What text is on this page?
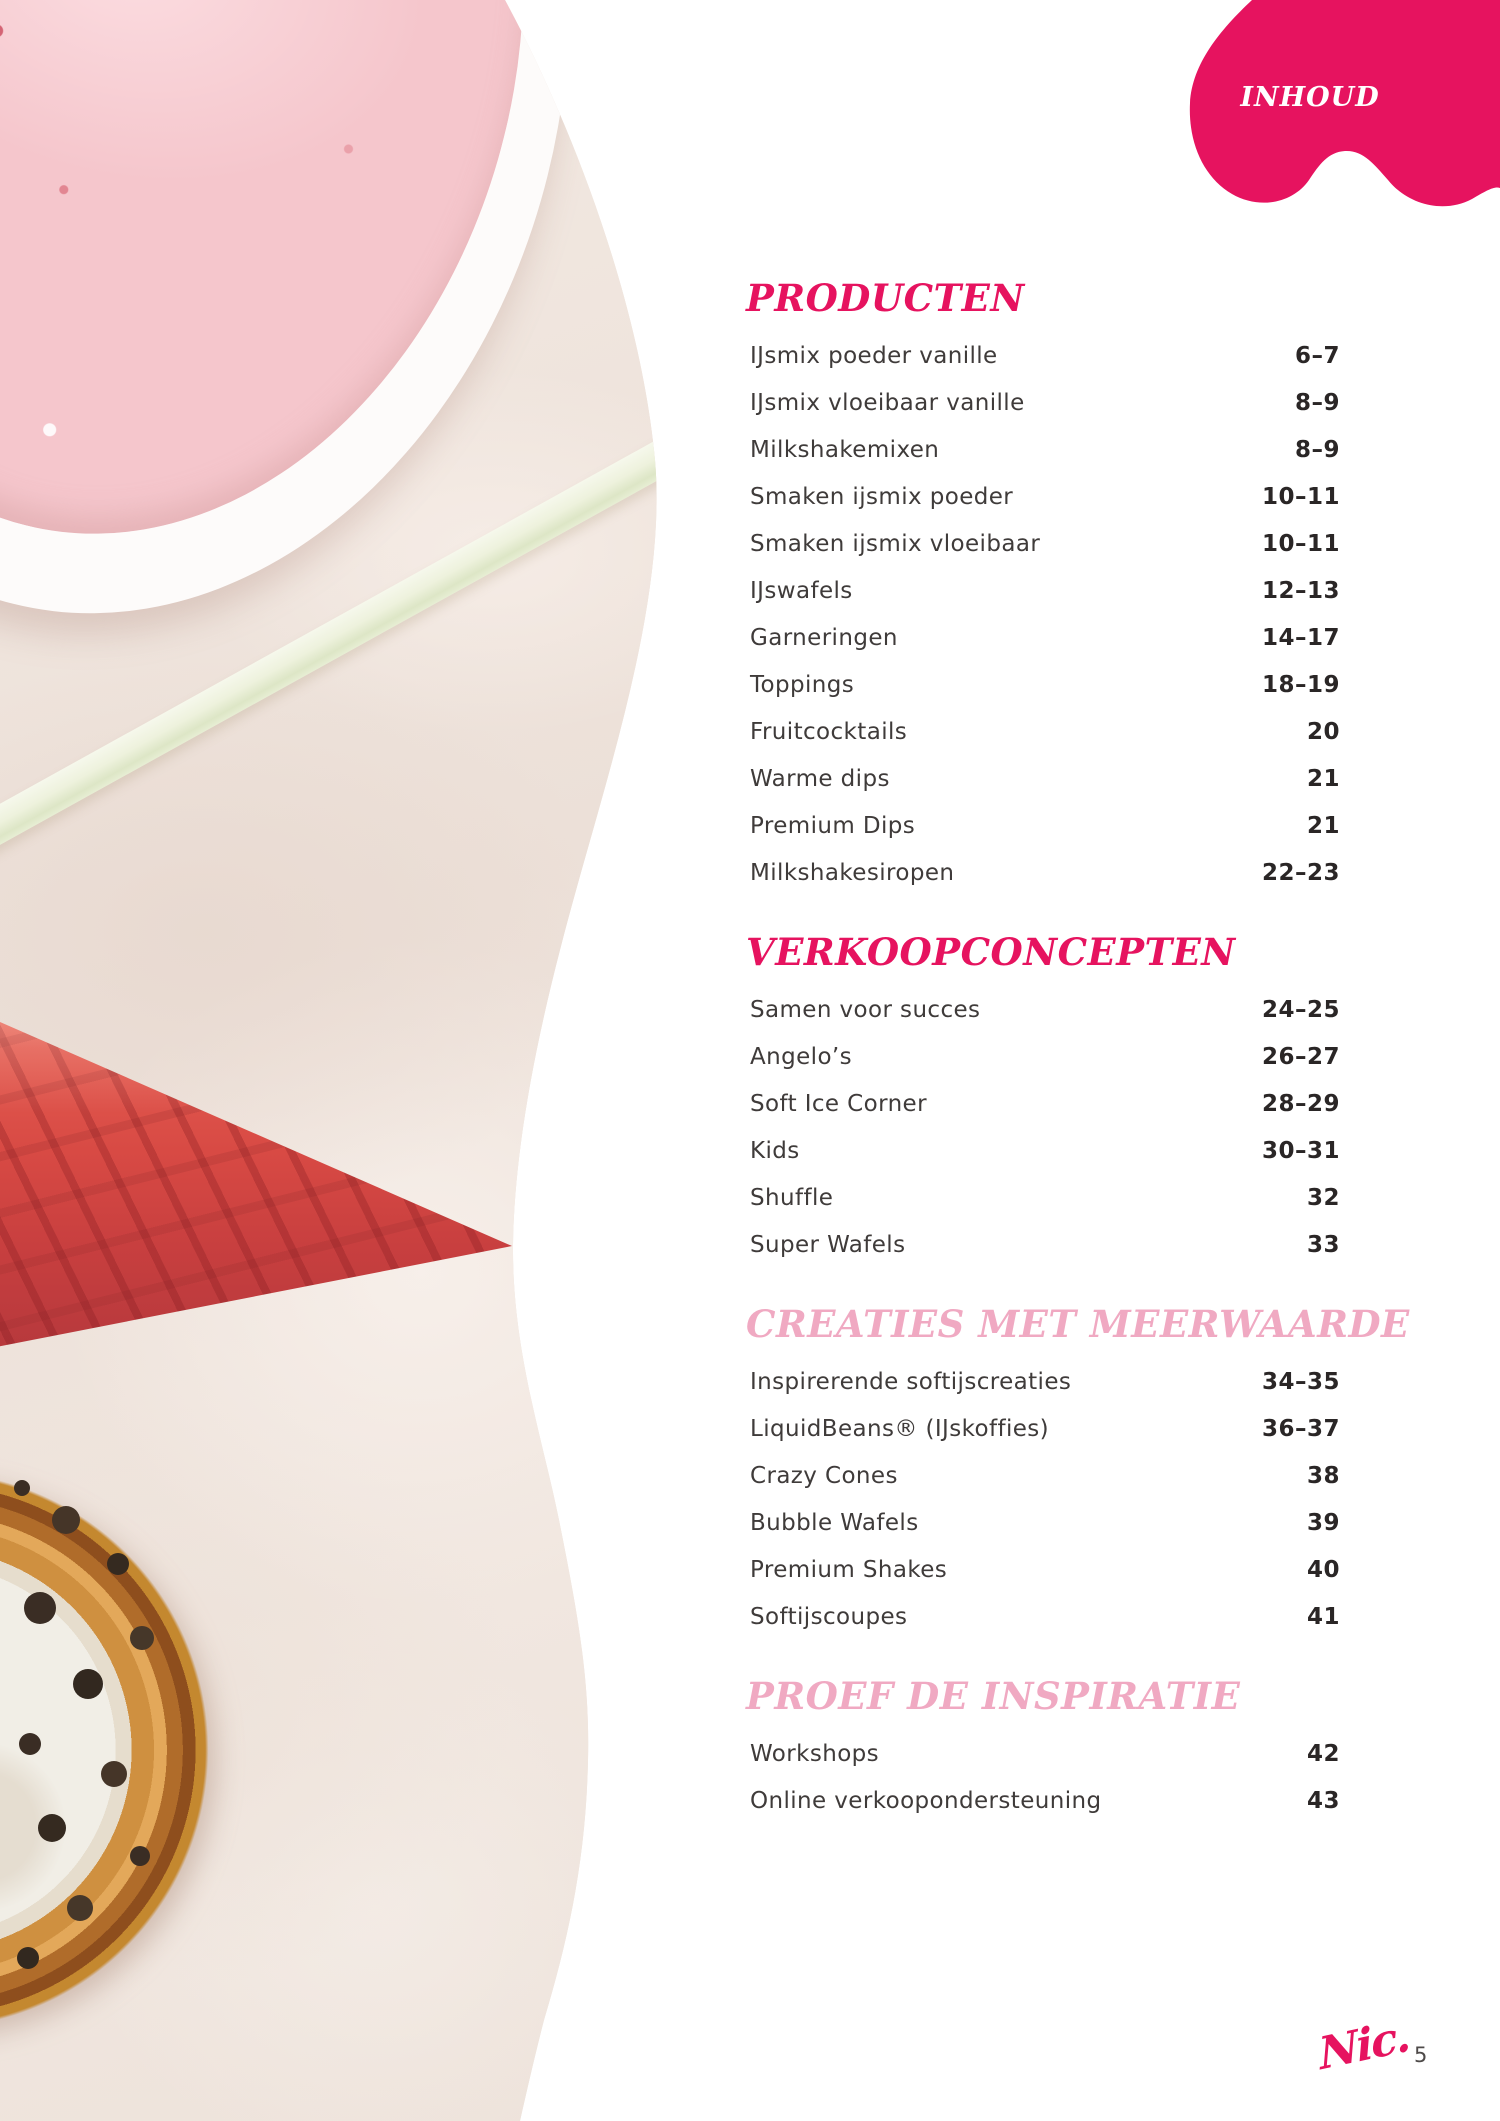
INHOUD
PRODUCTEN
IJsmix poeder vanille	6–7
IJsmix vloeibaar vanille	8–9
Milkshakemixen	8–9
Smaken ijsmix poeder	10–11
Smaken ijsmix vloeibaar	10–11
IJswafels	12–13
Garneringen	14–17
Toppings	18–19
Fruitcocktails	20
Warme dips	21
Premium Dips	21
Milkshakesiropen	22–23
VERKOOPCONCEPTEN
Samen voor succes	24–25
Angelo’s	26–27
Soft Ice Corner	28–29
Kids	30–31
Shuffle	32
Super Wafels	33
CREATIES MET MEERWAARDE
Inspirerende softijscreaties	34–35
LiquidBeans® (IJskoffies)	36–37
Crazy Cones	38
Bubble Wafels	39
Premium Shakes	40
Softijscoupes	41
PROEF DE INSPIRATIE
Workshops	42
Online verkoopondersteuning	43
Nic. 5
